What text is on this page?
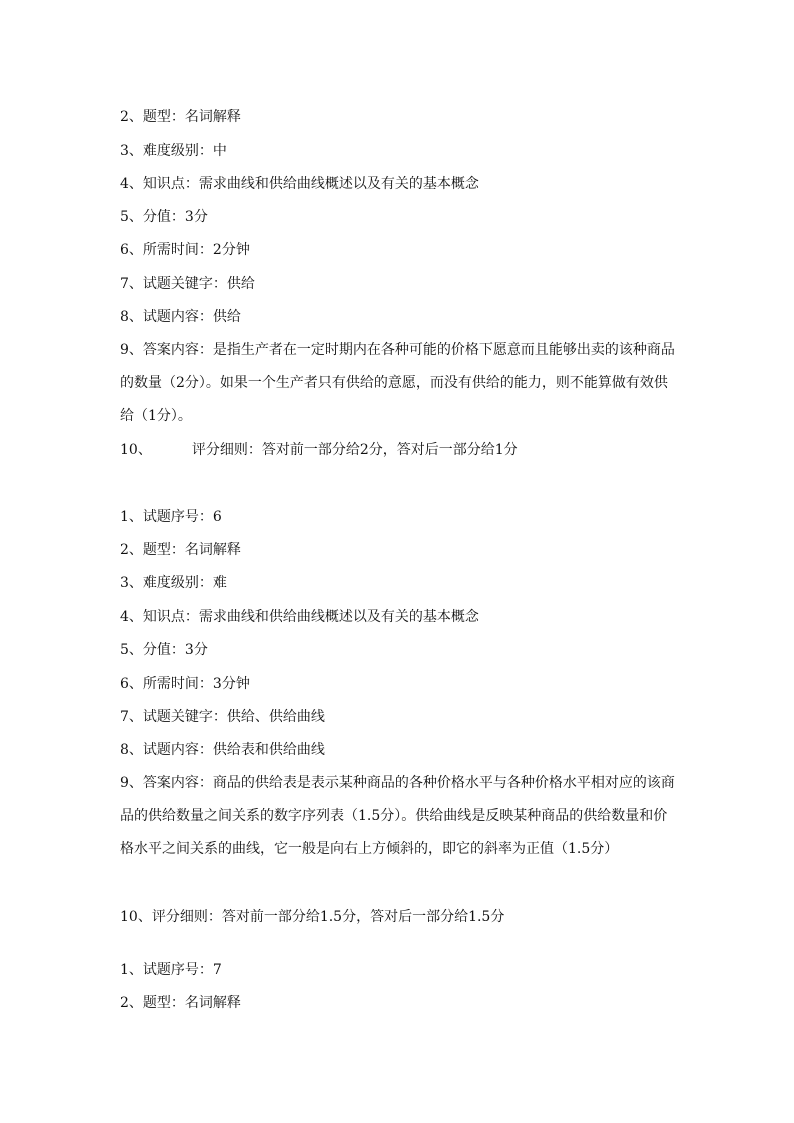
2、题型：名词解释
3、难度级别：中
4、知识点：需求曲线和供给曲线概述以及有关的基本概念
5、分值：3分
6、所需时间：2分钟
7、试题关键字：供给
8、试题内容：供给
9、答案内容：是指生产者在一定时期内在各种可能的价格下愿意而且能够出卖的该种商品的数量（2分）。如果一个生产者只有供给的意愿，而没有供给的能力，则不能算做有效供给（1分）。
10、	评分细则：答对前一部分给2分，答对后一部分给1分
1、试题序号：6
2、题型：名词解释
3、难度级别：难
4、知识点：需求曲线和供给曲线概述以及有关的基本概念
5、分值：3分
6、所需时间：3分钟
7、试题关键字：供给、供给曲线
8、试题内容：供给表和供给曲线
9、答案内容：商品的供给表是表示某种商品的各种价格水平与各种价格水平相对应的该商品的供给数量之间关系的数字序列表（1.5分）。供给曲线是反映某种商品的供给数量和价格水平之间关系的曲线，它一般是向右上方倾斜的，即它的斜率为正值（1.5分）
10、评分细则：答对前一部分给1.5分，答对后一部分给1.5分
1、试题序号：7
2、题型：名词解释
